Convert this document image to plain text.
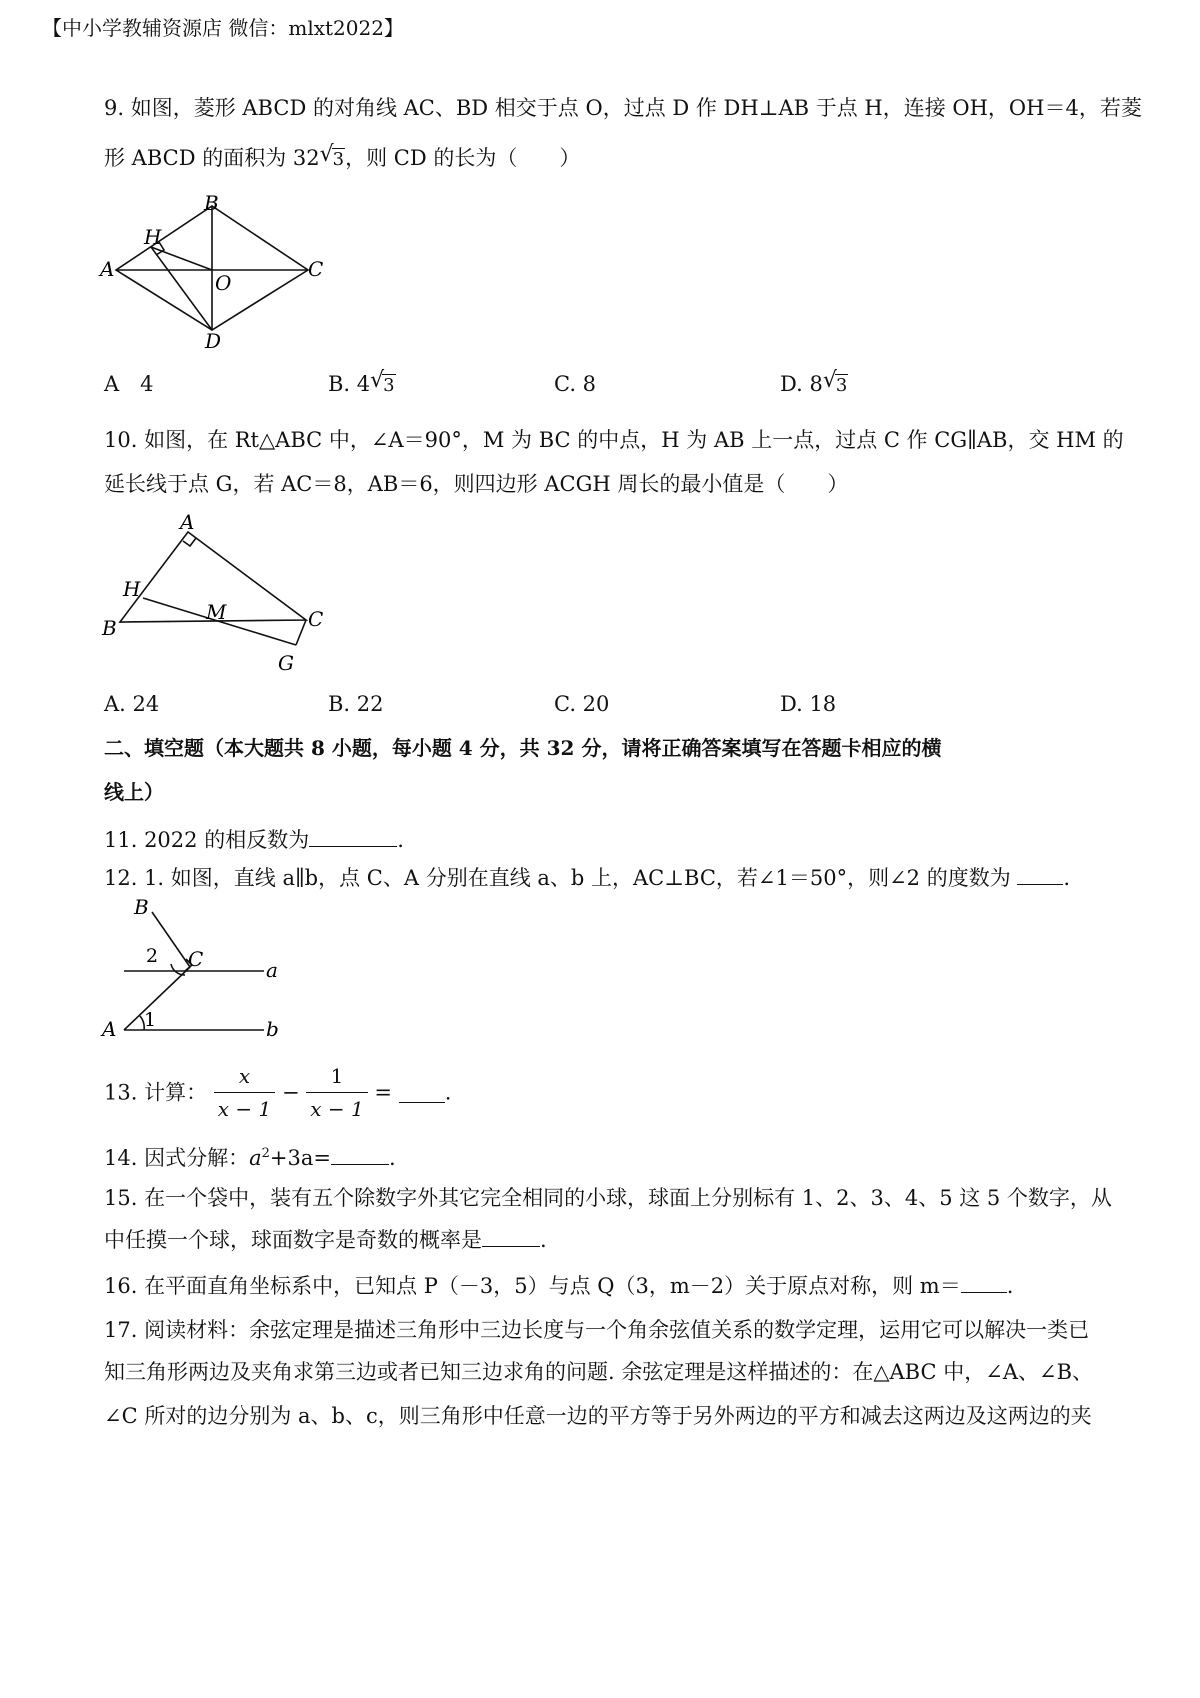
【中小学教辅资源店 微信：mlxt2022】
9. 如图，菱形 ABCD 的对角线 AC、BD 相交于点 O，过点 D 作 DH⊥AB 于点 H，连接 OH，OH＝4，若菱
形 ABCD 的面积为 32 √
3，则 CD 的长为（　　）
B
H
A
O
C
D
A　4	B. 4 √
3	C. 8	D. 8 √
3
10. 如图，在 Rt△ABC 中，∠A＝90°，M 为 BC 的中点，H 为 AB 上一点，过点 C 作 CG∥AB，交 HM 的
延长线于点 G，若 AC＝8，AB＝6，则四边形 ACGH 周长的最小值是（　　）
A
H
M
B	C
G
A. 24	B. 22	C. 20	D. 18
二、填空题（本大题共 8 小题，每小题 4 分，共 32 分，请将正确答案填写在答题卡相应的横
线上）
11. 2022 的相反数为	.
12. 1. 如图，直线 a∥b，点 C、A 分别在直线 a、b 上，AC⊥BC，若∠1＝50°，则∠2 的度数为	.
B
2 C	a
A 1	b
13. 计算： $\frac{x}{x - 1} - \frac{1}{x - 1}$ =	.
14. 因式分解：$a^2+3a=$	.
15. 在一个袋中，装有五个除数字外其它完全相同的小球，球面上分别标有 1、2、3、4、5 这 5 个数字，从
中任摸一个球，球面数字是奇数的概率是	.
16. 在平面直角坐标系中，已知点 P（－3，5）与点 Q（3，m－2）关于原点对称，则 m＝ .
17. 阅读材料：余弦定理是描述三角形中三边长度与一个角余弦值关系的数学定理，运用它可以解决一类已
知三角形两边及夹角求第三边或者已知三边求角的问题. 余弦定理是这样描述的：在△ABC 中，∠A、∠B、
∠C 所对的边分别为 a、b、c，则三角形中任意一边的平方等于另外两边的平方和减去这两边及这两边的夹
